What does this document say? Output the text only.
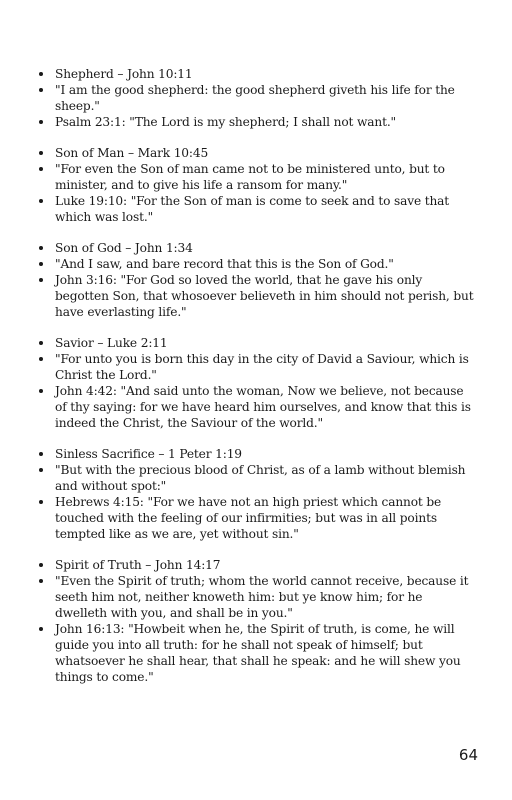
Shepherd – John 10:11
"I am the good shepherd: the good shepherd giveth his life for the sheep."
Psalm 23:1: "The Lord is my shepherd; I shall not want."
Son of Man – Mark 10:45
"For even the Son of man came not to be ministered unto, but to minister, and to give his life a ransom for many."
Luke 19:10: "For the Son of man is come to seek and to save that which was lost."
Son of God – John 1:34
"And I saw, and bare record that this is the Son of God."
John 3:16: "For God so loved the world, that he gave his only begotten Son, that whosoever believeth in him should not perish, but have everlasting life."
Savior – Luke 2:11
"For unto you is born this day in the city of David a Saviour, which is Christ the Lord."
John 4:42: "And said unto the woman, Now we believe, not because of thy saying: for we have heard him ourselves, and know that this is indeed the Christ, the Saviour of the world."
Sinless Sacrifice – 1 Peter 1:19
"But with the precious blood of Christ, as of a lamb without blemish and without spot:"
Hebrews 4:15: "For we have not an high priest which cannot be touched with the feeling of our infirmities; but was in all points tempted like as we are, yet without sin."
Spirit of Truth – John 14:17
"Even the Spirit of truth; whom the world cannot receive, because it seeth him not, neither knoweth him: but ye know him; for he dwelleth with you, and shall be in you."
John 16:13: "Howbeit when he, the Spirit of truth, is come, he will guide you into all truth: for he shall not speak of himself; but whatsoever he shall hear, that shall he speak: and he will shew you things to come."
64
